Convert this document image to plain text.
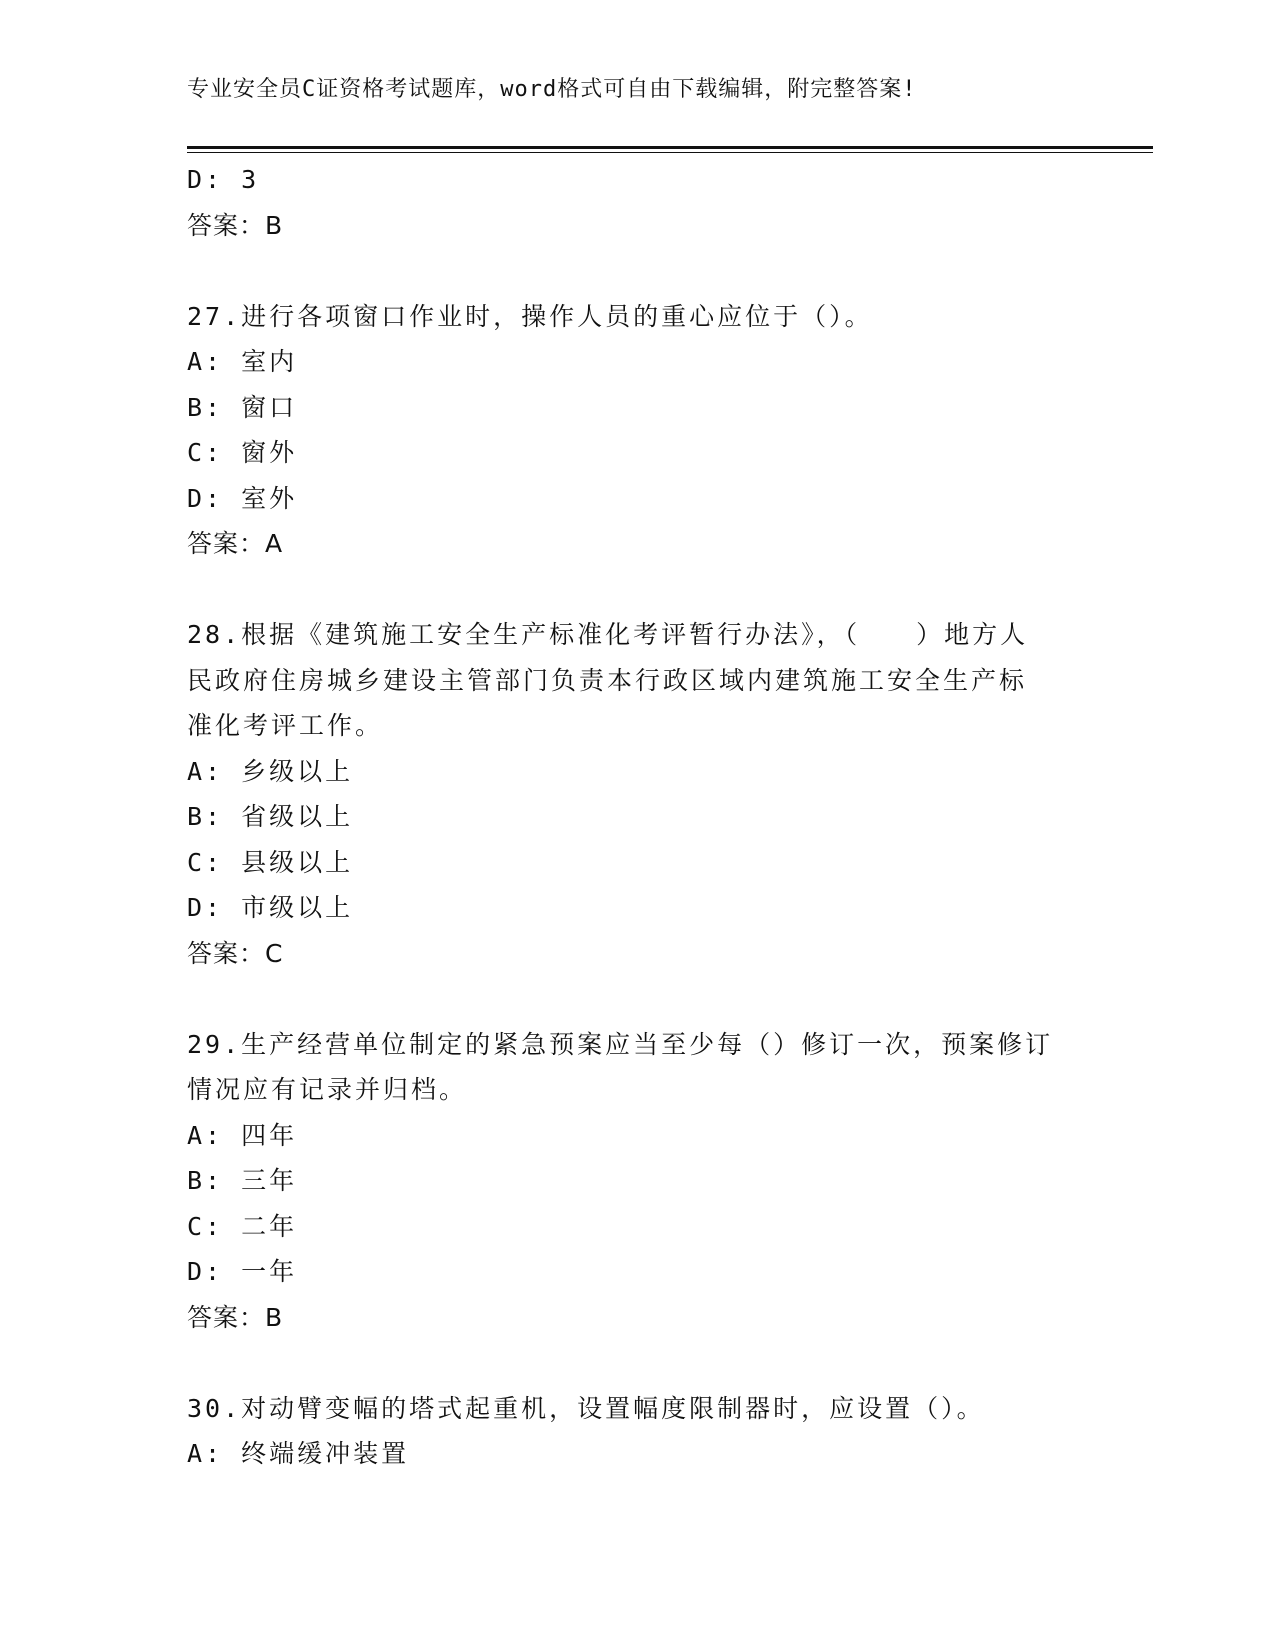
专业安全员C证资格考试题库，word格式可自由下载编辑，附完整答案!
D: 3
答案：B
27.进行各项窗口作业时，操作人员的重心应位于（）。
A: 室内
B: 窗口
C: 窗外
D: 室外
答案：A
28.根据《建筑施工安全生产标准化考评暂行办法》，（　　）地方人
民政府住房城乡建设主管部门负责本行政区域内建筑施工安全生产标
准化考评工作。
A: 乡级以上
B: 省级以上
C: 县级以上
D: 市级以上
答案：C
29.生产经营单位制定的紧急预案应当至少每（）修订一次，预案修订
情况应有记录并归档。
A: 四年
B: 三年
C: 二年
D: 一年
答案：B
30.对动臂变幅的塔式起重机，设置幅度限制器时，应设置（）。
A: 终端缓冲装置
